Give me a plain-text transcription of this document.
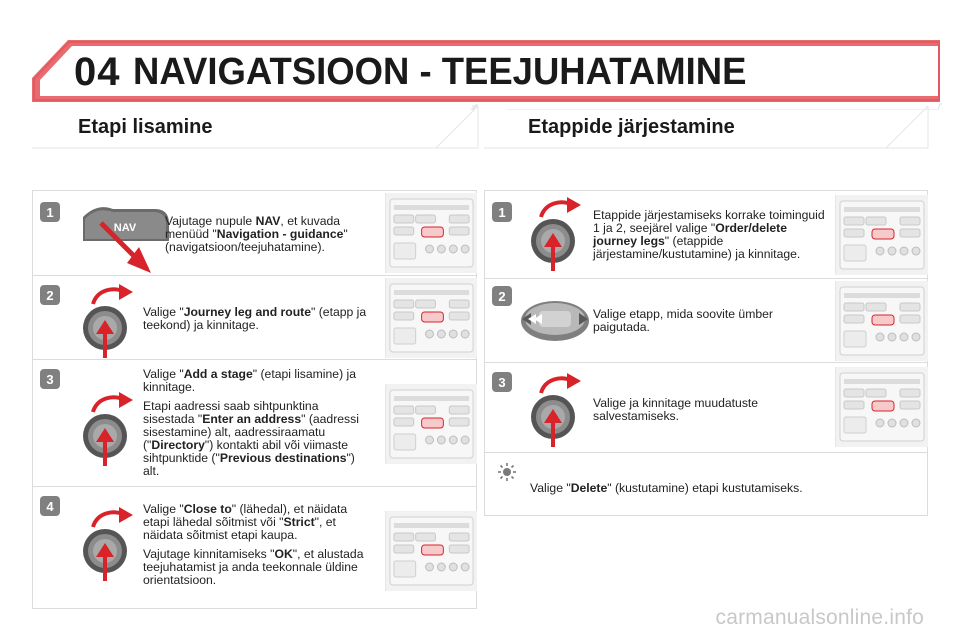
04 NAVIGATSIOON - TEEJUHATAMINE
Etapi lisamine	Etappide järjestamine
1
NAV Vajutage nupule NAV, et kuvada menüüd "Navigation - guidance" (navigatsioon/teejuhatamine).

2

Valige "Journey leg and route" (etapp ja teekond) ja kinnitage.

3	Valige "Add a stage" (etapi lisamine) ja kinnitage.

Etapi aadressi saab sihtpunktina sisestada "Enter an address" (aadressi sisestamine) alt, aadressiraamatu ("Directory") kontakti abil või viimaste sihtpunktide ("Previous destinations") alt.

4	Valige "Close to" (lähedal), et näidata etapi lähedal sõitmist või "Strict", et näidata sõitmist etapi kaupa.

Vajutage kinnitamiseks "OK", et alustada teejuhatamist ja anda teekonnale üldine orientatsioon.

1	Etappide järjestamiseks korrake toiminguid 1 ja 2, seejärel valige "Order/delete journey legs" (etappide järjestamine/kustutamine) ja kinnitage.

2

Valige etapp, mida soovite ümber paigutada.

3

Valige ja kinnitage muudatuste salvestamiseks.

Valige "Delete" (kustutamine) etapi kustutamiseks.
carmanualsonline.info
